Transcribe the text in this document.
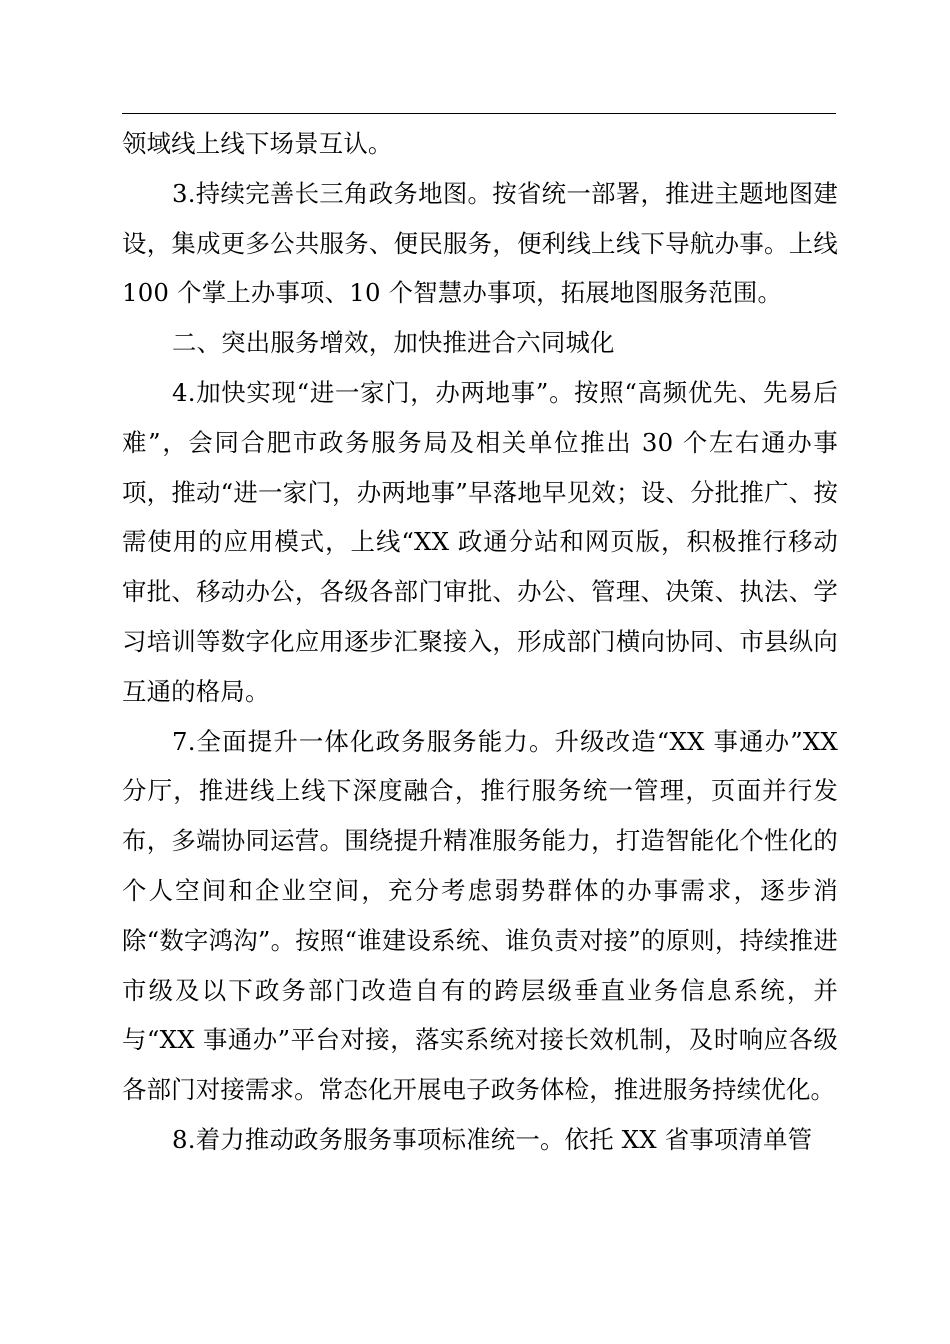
领域线上线下场景互认。

3.持续完善长三角政务地图。按省统一部署，推进主题地图建设，集成更多公共服务、便民服务，便利线上线下导航办事。上线 100 个掌上办事项、10 个智慧办事项，拓展地图服务范围。

二、突出服务增效，加快推进合六同城化

4.加快实现“进一家门，办两地事”。按照“高频优先、先易后难”，会同合肥市政务服务局及相关单位推出 30 个左右通办事项，推动“进一家门，办两地事”早落地早见效；设、分批推广、按需使用的应用模式，上线“XX 政通分站和网页版，积极推行移动审批、移动办公，各级各部门审批、办公、管理、决策、执法、学习培训等数字化应用逐步汇聚接入，形成部门横向协同、市县纵向互通的格局。

7.全面提升一体化政务服务能力。升级改造“XX 事通办”XX 分厅，推进线上线下深度融合，推行服务统一管理，页面并行发布，多端协同运营。围绕提升精准服务能力，打造智能化个性化的个人空间和企业空间，充分考虑弱势群体的办事需求，逐步消除“数字鸿沟”。按照“谁建设系统、谁负责对接”的原则，持续推进市级及以下政务部门改造自有的跨层级垂直业务信息系统，并与“XX 事通办”平台对接，落实系统对接长效机制，及时响应各级各部门对接需求。常态化开展电子政务体检，推进服务持续优化。

8.着力推动政务服务事项标准统一。依托 XX 省事项清单管
